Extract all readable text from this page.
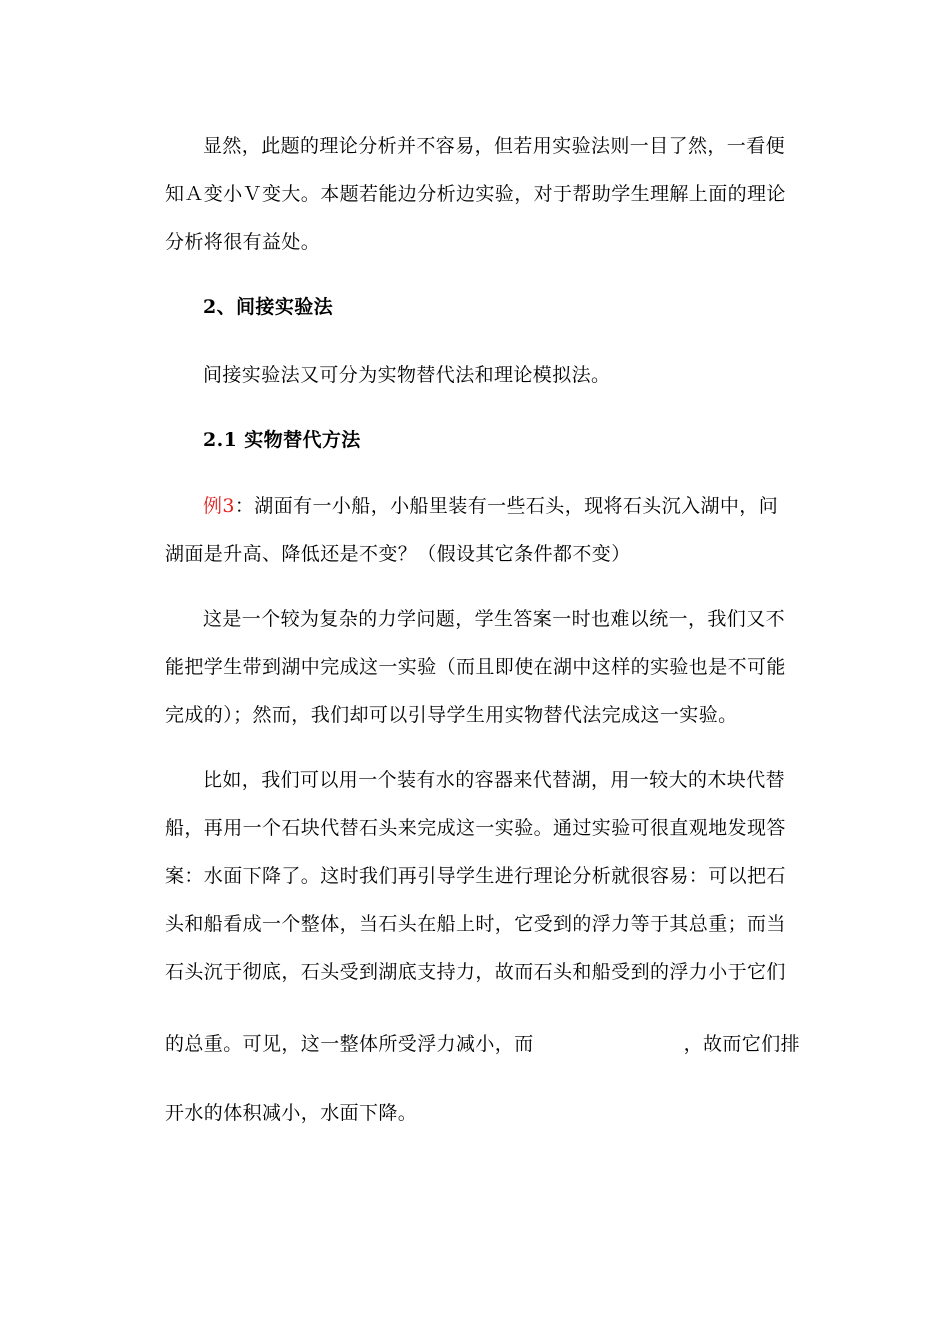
显然，此题的理论分析并不容易，但若用实验法则一目了然，一看便
知Ａ变小Ｖ变大。本题若能边分析边实验，对于帮助学生理解上面的理论
分析将很有益处。
2、间接实验法
间接实验法又可分为实物替代法和理论模拟法。
2.1 实物替代方法
例3：湖面有一小船，小船里装有一些石头，现将石头沉入湖中，问
湖面是升高、降低还是不变？（假设其它条件都不变）
这是一个较为复杂的力学问题，学生答案一时也难以统一，我们又不
能把学生带到湖中完成这一实验（而且即使在湖中这样的实验也是不可能
完成的）；然而，我们却可以引导学生用实物替代法完成这一实验。
比如，我们可以用一个装有水的容器来代替湖，用一较大的木块代替
船，再用一个石块代替石头来完成这一实验。通过实验可很直观地发现答
案：水面下降了。这时我们再引导学生进行理论分析就很容易：可以把石
头和船看成一个整体，当石头在船上时，它受到的浮力等于其总重；而当
石头沉于彻底，石头受到湖底支持力，故而石头和船受到的浮力小于它们
的总重。可见，这一整体所受浮力减小，而	，故而它们排
开水的体积减小，水面下降。
